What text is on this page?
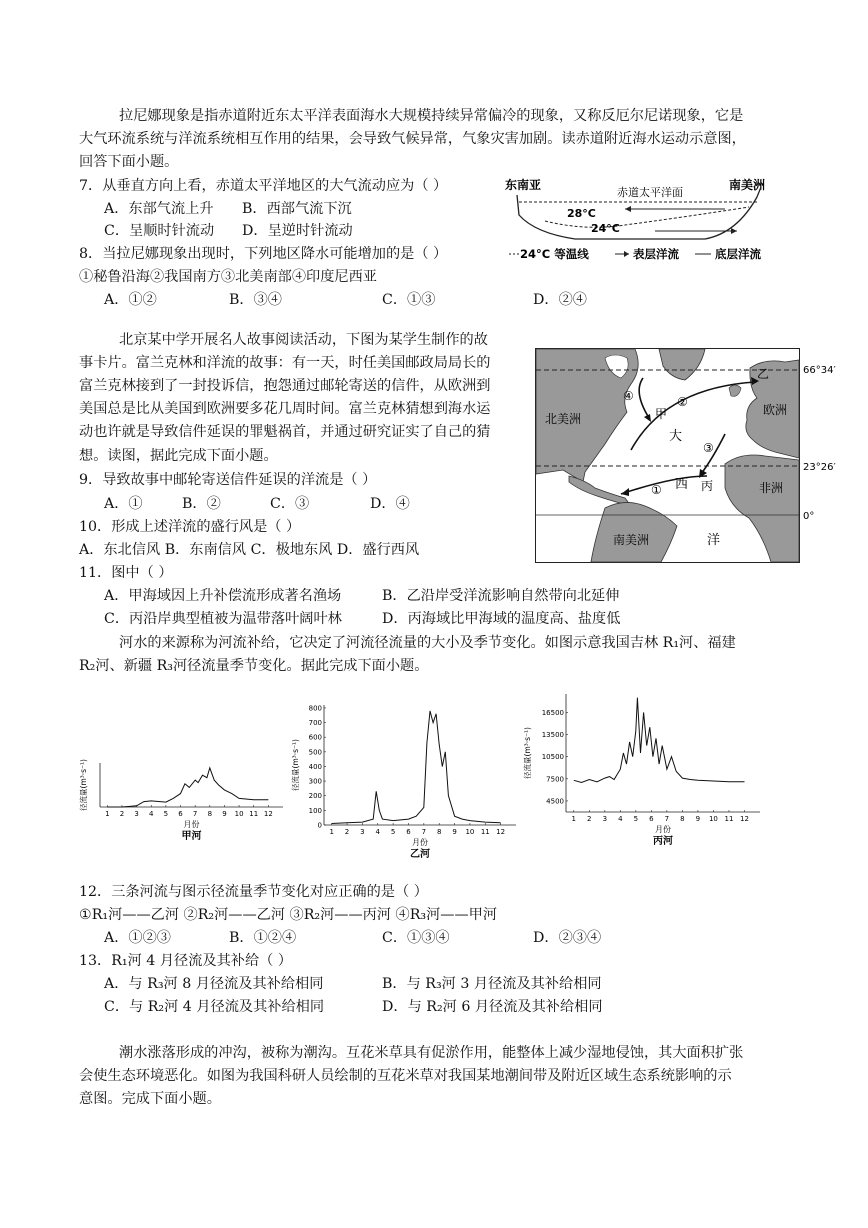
拉尼娜现象是指赤道附近东太平洋表面海水大规模持续异常偏冷的现象，又称反厄尔尼诺现象，它是
大气环流系统与洋流系统相互作用的结果，会导致气候异常，气象灾害加剧。读赤道附近海水运动示意图，
回答下面小题。
7．从垂直方向上看，赤道太平洋地区的大气流动应为（ ）
A．东部气流上升 B．西部气流下沉
C．呈顺时针流动 D．呈逆时针流动
8．当拉尼娜现象出现时，下列地区降水可能增加的是（ ）
①秘鲁沿海②我国南方③北美南部④印度尼西亚
A．①②	B．③④	C．①③	D．②④
东南亚	南美洲
赤道太平洋面
28°C
24°C
24°C 等温线	表层洋流	底层洋流
北京某中学开展名人故事阅读活动，下图为某学生制作的故
事卡片。富兰克林和洋流的故事：有一天，时任美国邮政局局长的
富兰克林接到了一封投诉信，抱怨通过邮轮寄送的信件，从欧洲到
美国总是比从美国到欧洲要多花几周时间。富兰克林猜想到海水运
动也许就是导致信件延误的罪魁祸首，并通过研究证实了自己的猜
想。读图，据此完成下面小题。
9．导致故事中邮轮寄送信件延误的洋流是（ ）
A．①	B．②	C．③	D．④
10．形成上述洋流的盛行风是（ ）
A．东北信风 B．东南信风 C．极地东风 D．盛行西风
11．图中（ ）
A．甲海域因上升补偿流形成著名渔场	B．乙沿岸受洋流影响自然带向北延伸
C．丙沿岸典型植被为温带落叶阔叶林	D．丙海域比甲海域的温度高、盐度低
66°34′
23°26′
0°
北美洲
欧洲
非洲
南美洲
大
西
洋
甲
乙
丙
①
②
③
④
河水的来源称为河流补给，它决定了河流径流量的大小及季节变化。如图示意我国吉林 R₁河、福建
R₂河、新疆 R₃河径流量季节变化。据此完成下面小题。
1 2 3 4 5 6 7 8 9 10 11 12
径流量(m³·s⁻¹)
月份
甲河	1 2 3 4 5 6 7 8 9 10 11 12
0
100
200
300
400
500
600
700
800
径流量(m³·s⁻¹)
月份
乙河
1 2 3 4 5 6 7 8 9 10 11 12
4500
7500
10500
13500
16500
径流量(m³·s⁻¹)
月份
丙河
12．三条河流与图示径流量季节变化对应正确的是（ ）
①R₁河——乙河 ②R₂河——乙河 ③R₂河——丙河 ④R₃河——甲河
A．①②③	B．①②④	C．①③④	D．②③④
13．R₁河 4 月径流及其补给（ ）
A．与 R₃河 8 月径流及其补给相同	B．与 R₃河 3 月径流及其补给相同
C．与 R₂河 4 月径流及其补给相同	D．与 R₂河 6 月径流及其补给相同
潮水涨落形成的冲沟，被称为潮沟。互花米草具有促淤作用，能整体上减少湿地侵蚀，其大面积扩张
会使生态环境恶化。如图为我国科研人员绘制的互花米草对我国某地潮间带及附近区域生态系统影响的示
意图。完成下面小题。
